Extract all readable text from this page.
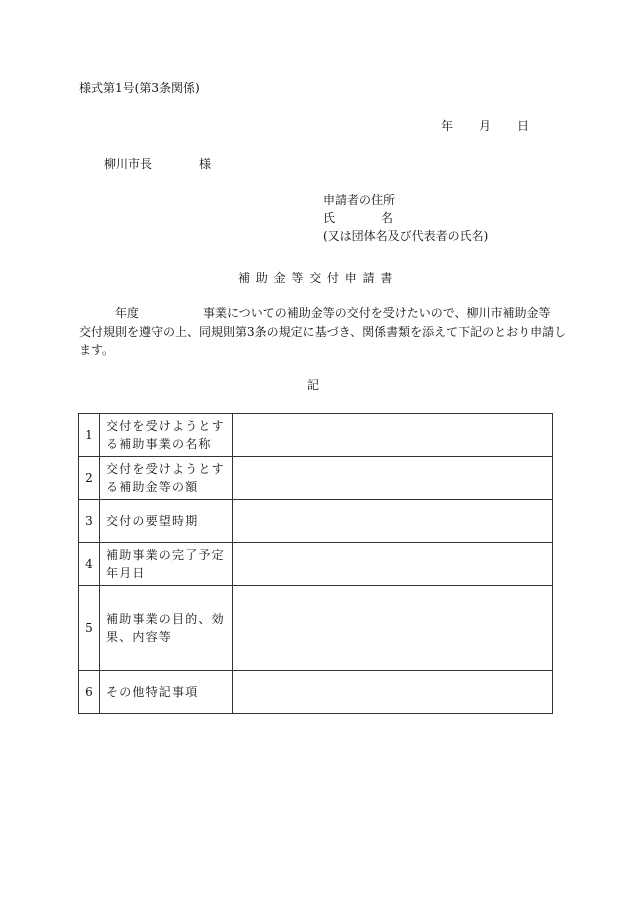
様式第1号(第3条関係)
年 月 日
柳川市長	様
申請者の住所
氏	名
(又は団体名及び代表者の氏名)
補助金等交付申請書
年度	事業についての補助金等の交付を受けたいので、柳川市補助金等
交付規則を遵守の上、同規則第3条の規定に基づき、関係書類を添えて下記のとおり申請し
ます。
記
1	交付を受けようとす
る補助事業の名称	

2	交付を受けようとす
る補助金等の額	

3	交付の要望時期	

4	補助事業の完了予定
年月日	

5	補助事業の目的、効
果、内容等	

6	その他特記事項	
